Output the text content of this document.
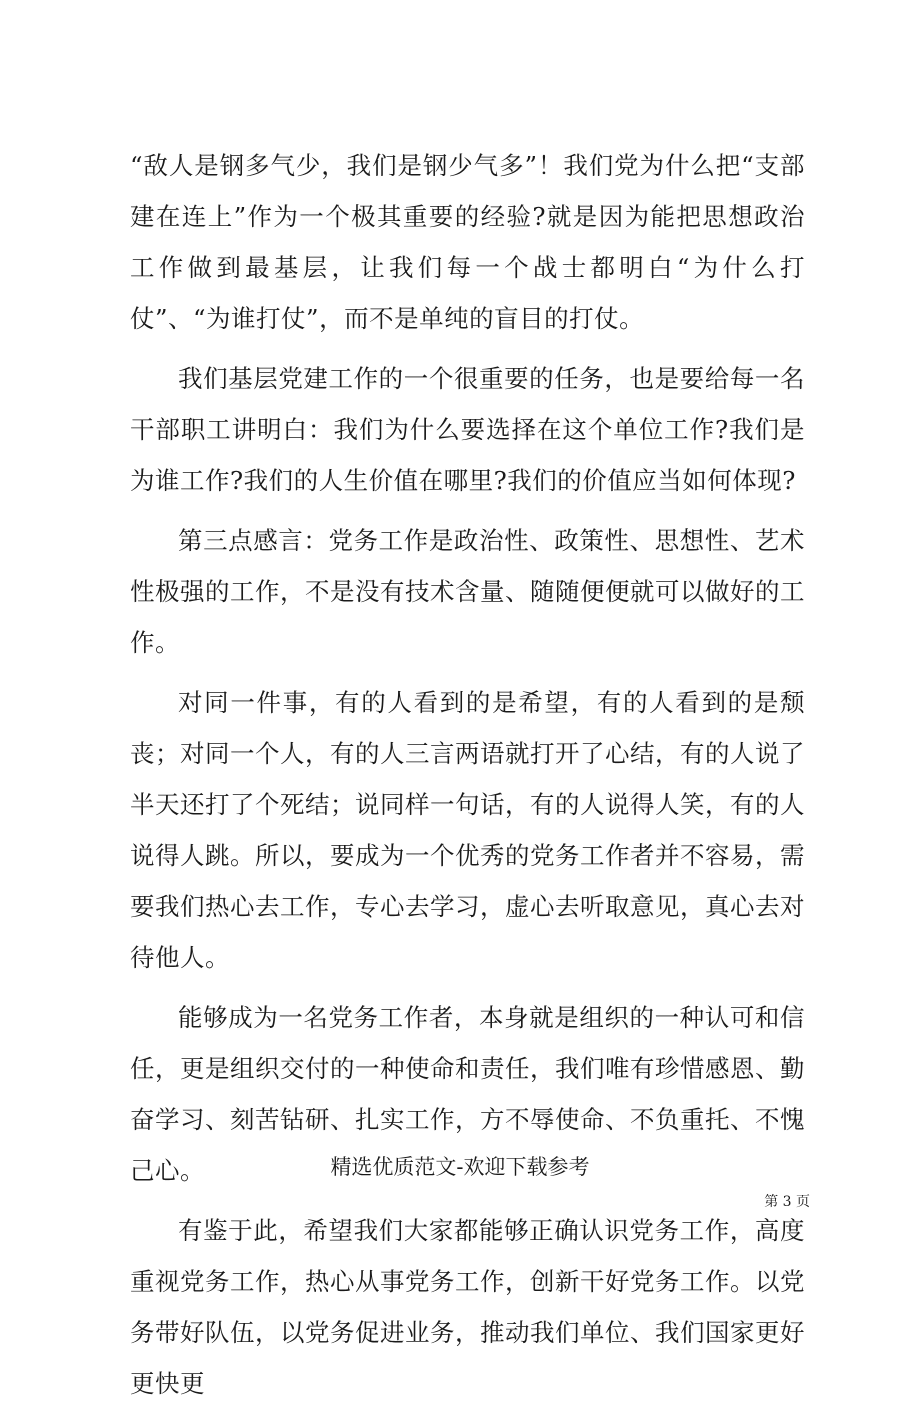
“敌人是钢多气少，我们是钢少气多”！我们党为什么把“支部建在连上”作为一个极其重要的经验?就是因为能把思想政治工作做到最基层，让我们每一个战士都明白“为什么打仗”、“为谁打仗”，而不是单纯的盲目的打仗。

我们基层党建工作的一个很重要的任务，也是要给每一名干部职工讲明白：我们为什么要选择在这个单位工作?我们是为谁工作?我们的人生价值在哪里?我们的价值应当如何体现?

第三点感言：党务工作是政治性、政策性、思想性、艺术性极强的工作，不是没有技术含量、随随便便就可以做好的工作。

对同一件事，有的人看到的是希望，有的人看到的是颓丧；对同一个人，有的人三言两语就打开了心结，有的人说了半天还打了个死结；说同样一句话，有的人说得人笑，有的人说得人跳。所以，要成为一个优秀的党务工作者并不容易，需要我们热心去工作，专心去学习，虚心去听取意见，真心去对待他人。

能够成为一名党务工作者，本身就是组织的一种认可和信任，更是组织交付的一种使命和责任，我们唯有珍惜感恩、勤奋学习、刻苦钻研、扎实工作，方不辱使命、不负重托、不愧己心。

有鉴于此，希望我们大家都能够正确认识党务工作，高度重视党务工作，热心从事党务工作，创新干好党务工作。以党务带好队伍，以党务促进业务，推动我们单位、我们国家更好更快更

精选优质范文-欢迎下载参考
第 3 页
